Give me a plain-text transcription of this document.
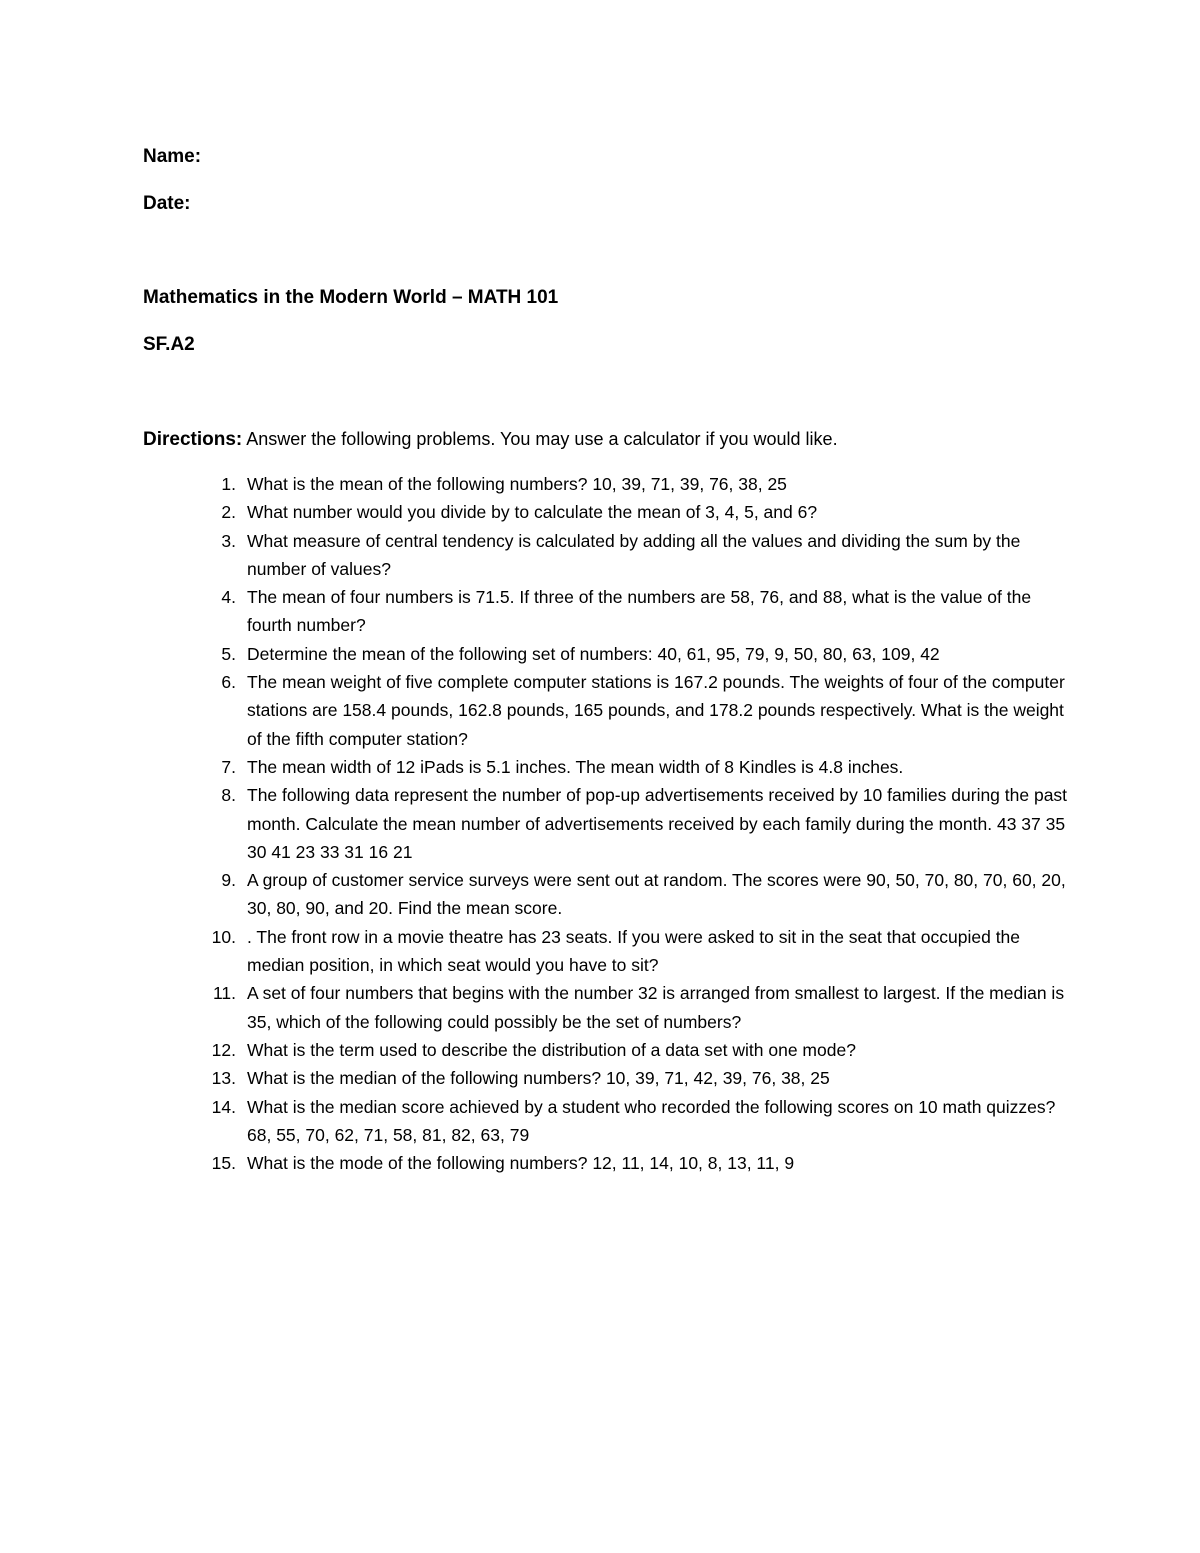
Name:
Date:
Mathematics in the Modern World – MATH 101
SF.A2
Directions: Answer the following problems. You may use a calculator if you would like.
1. What is the mean of the following numbers? 10, 39, 71, 39, 76, 38, 25
2. What number would you divide by to calculate the mean of 3, 4, 5, and 6?
3. What measure of central tendency is calculated by adding all the values and dividing the sum by the number of values?
4. The mean of four numbers is 71.5. If three of the numbers are 58, 76, and 88, what is the value of the fourth number?
5. Determine the mean of the following set of numbers: 40, 61, 95, 79, 9, 50, 80, 63, 109, 42
6. The mean weight of five complete computer stations is 167.2 pounds. The weights of four of the computer stations are 158.4 pounds, 162.8 pounds, 165 pounds, and 178.2 pounds respectively. What is the weight of the fifth computer station?
7. The mean width of 12 iPads is 5.1 inches. The mean width of 8 Kindles is 4.8 inches.
8. The following data represent the number of pop-up advertisements received by 10 families during the past month. Calculate the mean number of advertisements received by each family during the month. 43 37 35 30 41 23 33 31 16 21
9. A group of customer service surveys were sent out at random. The scores were 90, 50, 70, 80, 70, 60, 20, 30, 80, 90, and 20. Find the mean score.
10. . The front row in a movie theatre has 23 seats. If you were asked to sit in the seat that occupied the median position, in which seat would you have to sit?
11. A set of four numbers that begins with the number 32 is arranged from smallest to largest. If the median is 35, which of the following could possibly be the set of numbers?
12. What is the term used to describe the distribution of a data set with one mode?
13. What is the median of the following numbers? 10, 39, 71, 42, 39, 76, 38, 25
14. What is the median score achieved by a student who recorded the following scores on 10 math quizzes? 68, 55, 70, 62, 71, 58, 81, 82, 63, 79
15. What is the mode of the following numbers? 12, 11, 14, 10, 8, 13, 11, 9
